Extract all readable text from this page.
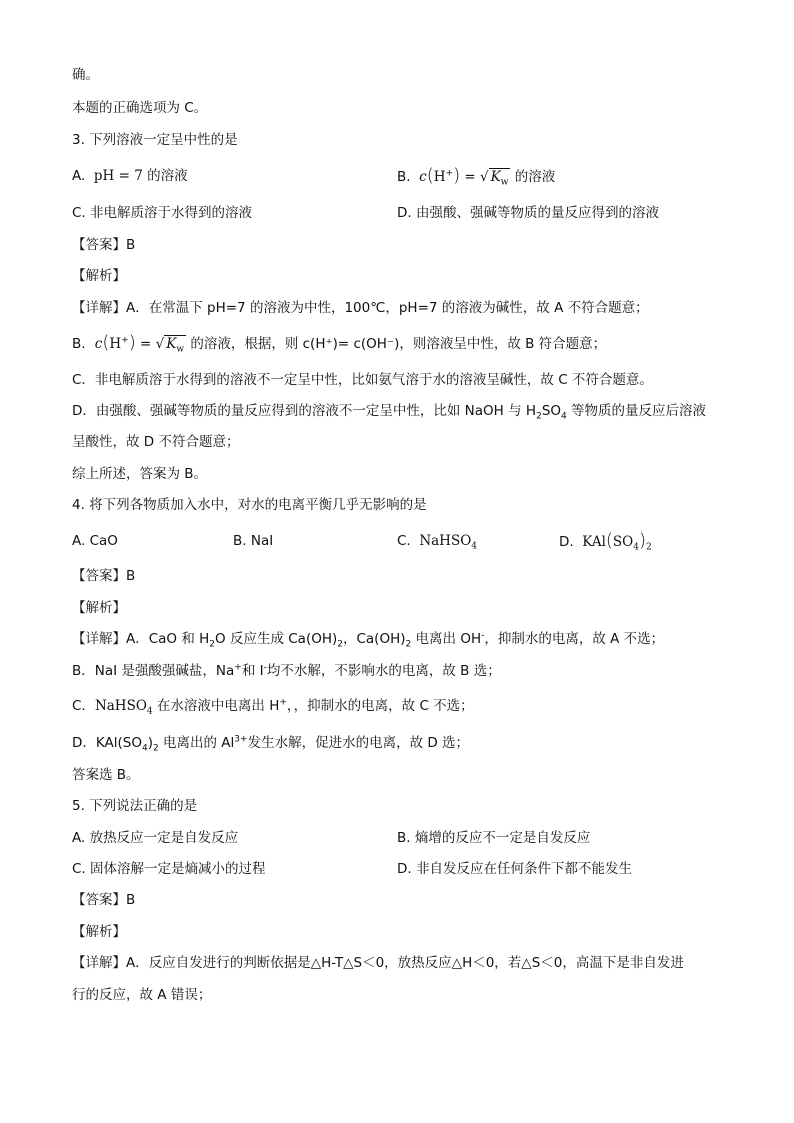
确。
本题的正确选项为 C。
3. 下列溶液一定呈中性的是
A. pH = 7 的溶液	B. c(H+) = √ $K_w$ 的溶液
C. 非电解质溶于水得到的溶液	D. 由强酸、强碱等物质的量反应得到的溶液
【答案】B
【解析】
【详解】A．在常温下 pH=7 的溶液为中性，100℃，pH=7 的溶液为碱性，故 A 不符合题意；
B．c(H+) = √ $K_w$ 的溶液，根据，则 c(H⁺)= c(OH⁻)，则溶液呈中性，故 B 符合题意；
C．非电解质溶于水得到的溶液不一定呈中性，比如氨气溶于水的溶液呈碱性，故 C 不符合题意。
D．由强酸、强碱等物质的量反应得到的溶液不一定呈中性，比如 NaOH 与 $H_2SO_4$ 等物质的量反应后溶液
呈酸性，故 D 不符合题意；
综上所述，答案为 B。
4. 将下列各物质加入水中，对水的电离平衡几乎无影响的是
A. CaO	B. NaI	C. NaHSO$_4$	D. $KAl(SO_4)_2$
【答案】B
【解析】
【详解】A．CaO 和 $H_2O$ 反应生成 $Ca(OH)_2$，$Ca(OH)_2$ 电离出 OH-，抑制水的电离，故 A 不选；
B．NaI 是强酸强碱盐，Na+和 I-均不水解，不影响水的电离，故 B 选；
C．NaHSO$_4$ 在水溶液中电离出 H+，，抑制水的电离，故 C 不选；
D．$KAl(SO_4)_2$ 电离出的 $Al^{3+}$发生水解，促进水的电离，故 D 选；
答案选 B。
5. 下列说法正确的是
A. 放热反应一定是自发反应	B. 熵增的反应不一定是自发反应
C. 固体溶解一定是熵减小的过程	D. 非自发反应在任何条件下都不能发生
【答案】B
【解析】
【详解】A．反应自发进行的判断依据是△H-T△S＜0，放热反应△H＜0，若△S＜0，高温下是非自发进
行的反应，故 A 错误；
